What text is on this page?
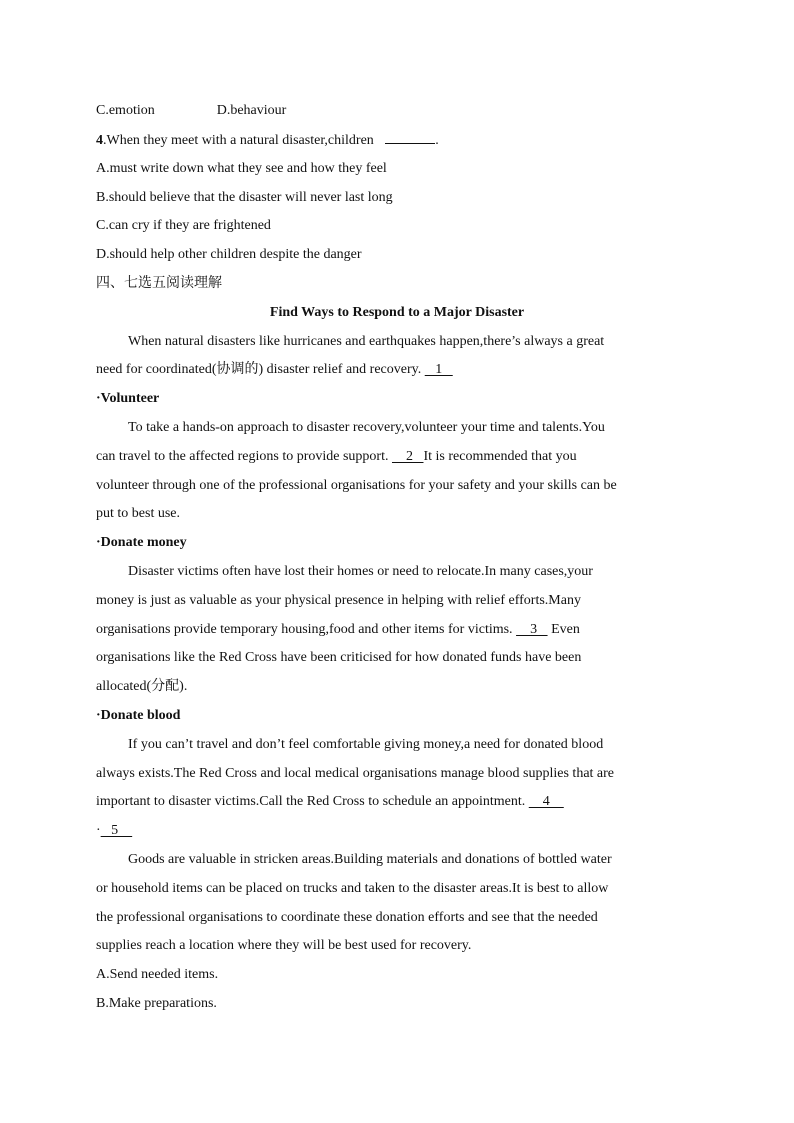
C.emotion	D.behaviour
4.When they meet with a natural disaster,children	.
A.must write down what they see and how they feel
B.should believe that the disaster will never last long
C.can cry if they are frightened
D.should help other children despite the danger
四、七选五阅读理解
Find Ways to Respond to a Major Disaster
When natural disasters like hurricanes and earthquakes happen,there’s always a great
need for coordinated(协调的) disaster relief and recovery.    1
·Volunteer
To take a hands-on approach to disaster recovery,volunteer your time and talents.You
can travel to the affected regions to provide support.     2   It is recommended that you
volunteer through one of the professional organisations for your safety and your skills can be
put to best use.
·Donate money
Disaster victims often have lost their homes or need to relocate.In many cases,your
money is just as valuable as your physical presence in helping with relief efforts.Many
organisations provide temporary housing,food and other items for victims.     3    Even
organisations like the Red Cross have been criticised for how donated funds have been
allocated(分配).
·Donate blood
If you can’t travel and don’t feel comfortable giving money,a need for donated blood
always exists.The Red Cross and local medical organisations manage blood supplies that are
important to disaster victims.Call the Red Cross to schedule an appointment.     4
·   5
Goods are valuable in stricken areas.Building materials and donations of bottled water
or household items can be placed on trucks and taken to the disaster areas.It is best to allow
the professional organisations to coordinate these donation efforts and see that the needed
supplies reach a location where they will be best used for recovery.
A.Send needed items.
B.Make preparations.
